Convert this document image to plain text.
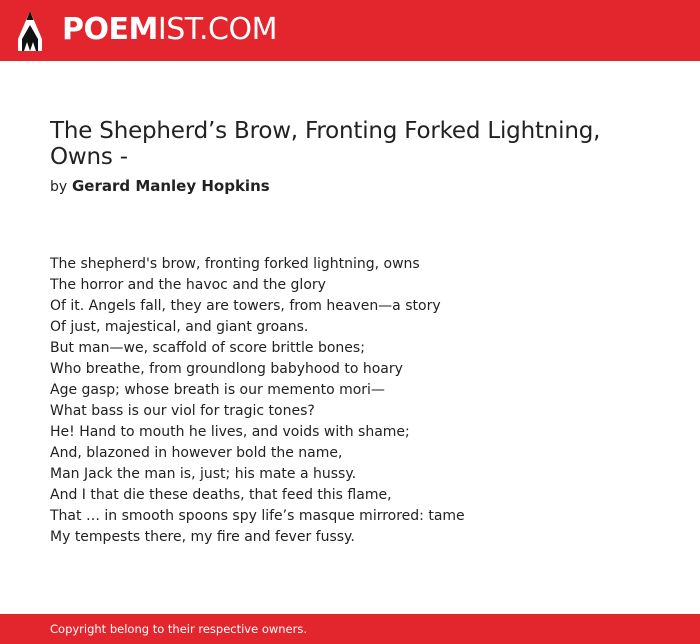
POEMIST.COM
The Shepherd’s Brow, Fronting Forked Lightning, Owns -
by Gerard Manley Hopkins
The shepherd's brow, fronting forked lightning, owns
The horror and the havoc and the glory
Of it. Angels fall, they are towers, from heaven—a story
Of just, majestical, and giant groans.
But man—we, scaffold of score brittle bones;
Who breathe, from groundlong babyhood to hoary
Age gasp; whose breath is our memento mori—
What bass is our viol for tragic tones?
He! Hand to mouth he lives, and voids with shame;
And, blazoned in however bold the name,
Man Jack the man is, just; his mate a hussy.
And I that die these deaths, that feed this flame,
That … in smooth spoons spy life’s masque mirrored: tame
My tempests there, my fire and fever fussy.
Copyright belong to their respective owners.
